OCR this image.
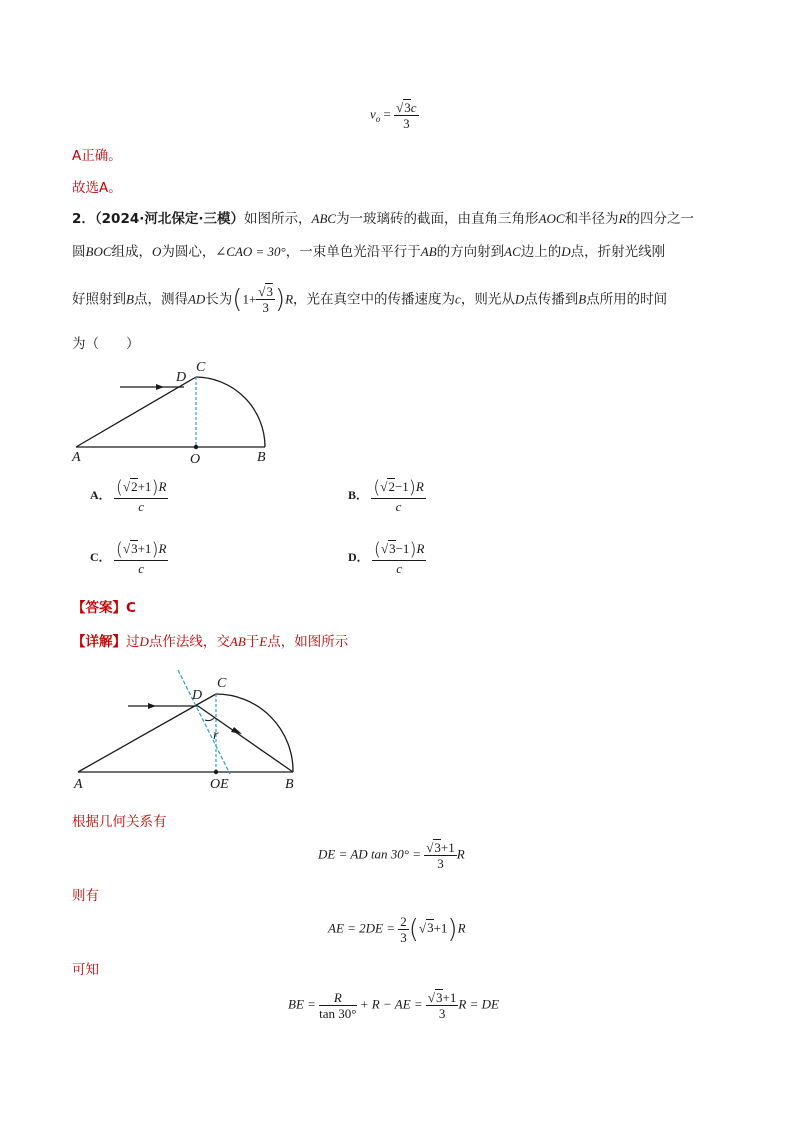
$v_o = \frac{√3c}{3}$
A正确。
故选A。
2．（2024·河北保定·三模）如图所示，ABC为一玻璃砖的截面，由直角三角形AOC和半径为R的四分之一
圆BOC组成，O为圆心，∠CAO = 30°，一束单色光沿平行于AB的方向射到AC边上的D点，折射光线刚
好照射到B点，测得AD长为$(1+ \frac{√3}{3} )R$，光在真空中的传播速度为c，则光从D点传播到B点所用的时间
为（　　）
A	B
C
D
O
A． $\frac{(√2+1)R}{c}$	B． $\frac{(√2-1)R}{c}$
C． $\frac{(√3+1)R}{c}$	D． $\frac{(√3-1)R}{c}$
【答案】C
【详解】过D点作法线，交AB于E点，如图所示
A	B
C
D
OE
r
根据几何关系有
DE = AD $\tan 30^\circ = \frac{√3+1}{3}$ R
则有
AE = $2DE = \frac{2}{3} (√3+1)R$
可知
BE = $\frac{R}{\tan 30^\circ} + R$ − AE = $\frac{√3+1}{3}$ R = DE
